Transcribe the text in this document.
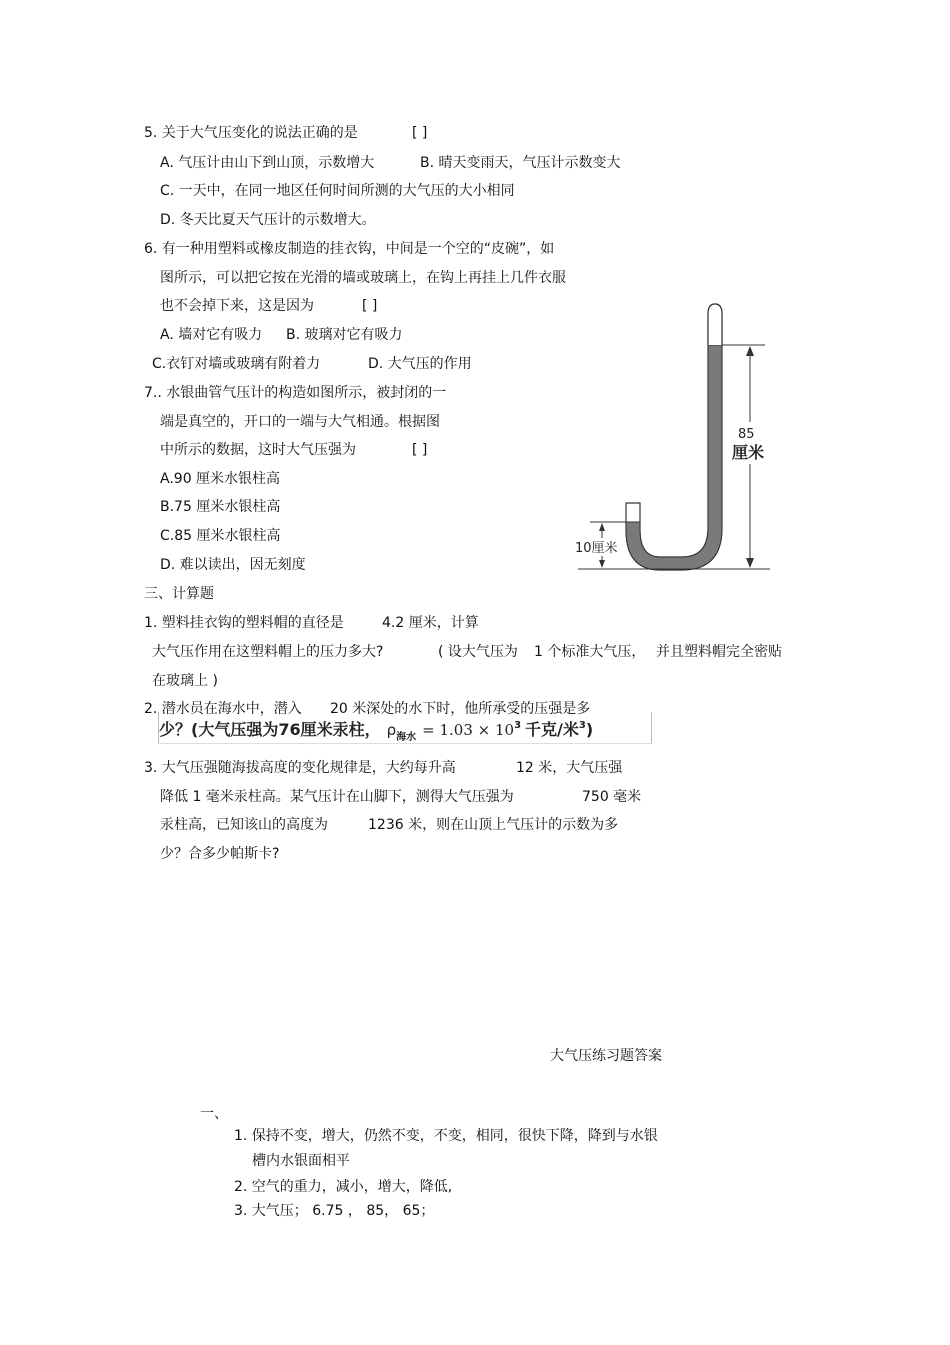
5. 关于大气压变化的说法正确的是	[ ]
A. 气压计由山下到山顶，示数增大	B. 晴天变雨天，气压计示数变大
C. 一天中，在同一地区任何时间所测的大气压的大小相同
D. 冬天比夏天气压计的示数增大。
6. 有一种用塑料或橡皮制造的挂衣钩，中间是一个空的“皮碗”，如
图所示，可以把它按在光滑的墙或玻璃上，在钩上再挂上几件衣服
也不会掉下来，这是因为	[ ]
A. 墙对它有吸力 B. 玻璃对它有吸力
C.衣钉对墙或玻璃有附着力	D. 大气压的作用
7.. 水银曲管气压计的构造如图所示，被封闭的一
端是真空的，开口的一端与大气相通。根据图
中所示的数据，这时大气压强为	[ ]
A.90 厘米水银柱高
B.75 厘米水银柱高
C.85 厘米水银柱高
D. 难以读出，因无刻度
85
厘米
10厘米
三、计算题
1. 塑料挂衣钩的塑料帽的直径是	4.2 厘米，计算
大气压作用在这塑料帽上的压力多大?	( 设大气压为 1 个标准大气压， 并且塑料帽完全密贴
在玻璃上 )
2. 潜水员在海水中，潜入 20 米深处的水下时，他所承受的压强是多
少？(大气压强为76厘米汞柱， $\rho_{海水} = 1.03 \times 10^3$ 千克/米$^3$)
3. 大气压强随海拔高度的变化规律是，大约每升高	12 米，大气压强
降低 1 毫米汞柱高。某气压计在山脚下，测得大气压强为	750 毫米
汞柱高，已知该山的高度为	1236 米，则在山顶上气压计的示数为多
少？合多少帕斯卡?
大气压练习题答案
一、
1. 保持不变，增大，仍然不变，不变，相同，很快下降，降到与水银
槽内水银面相平
2. 空气的重力，减小，增大，降低,
3. 大气压； 6.75 ， 85， 65；
